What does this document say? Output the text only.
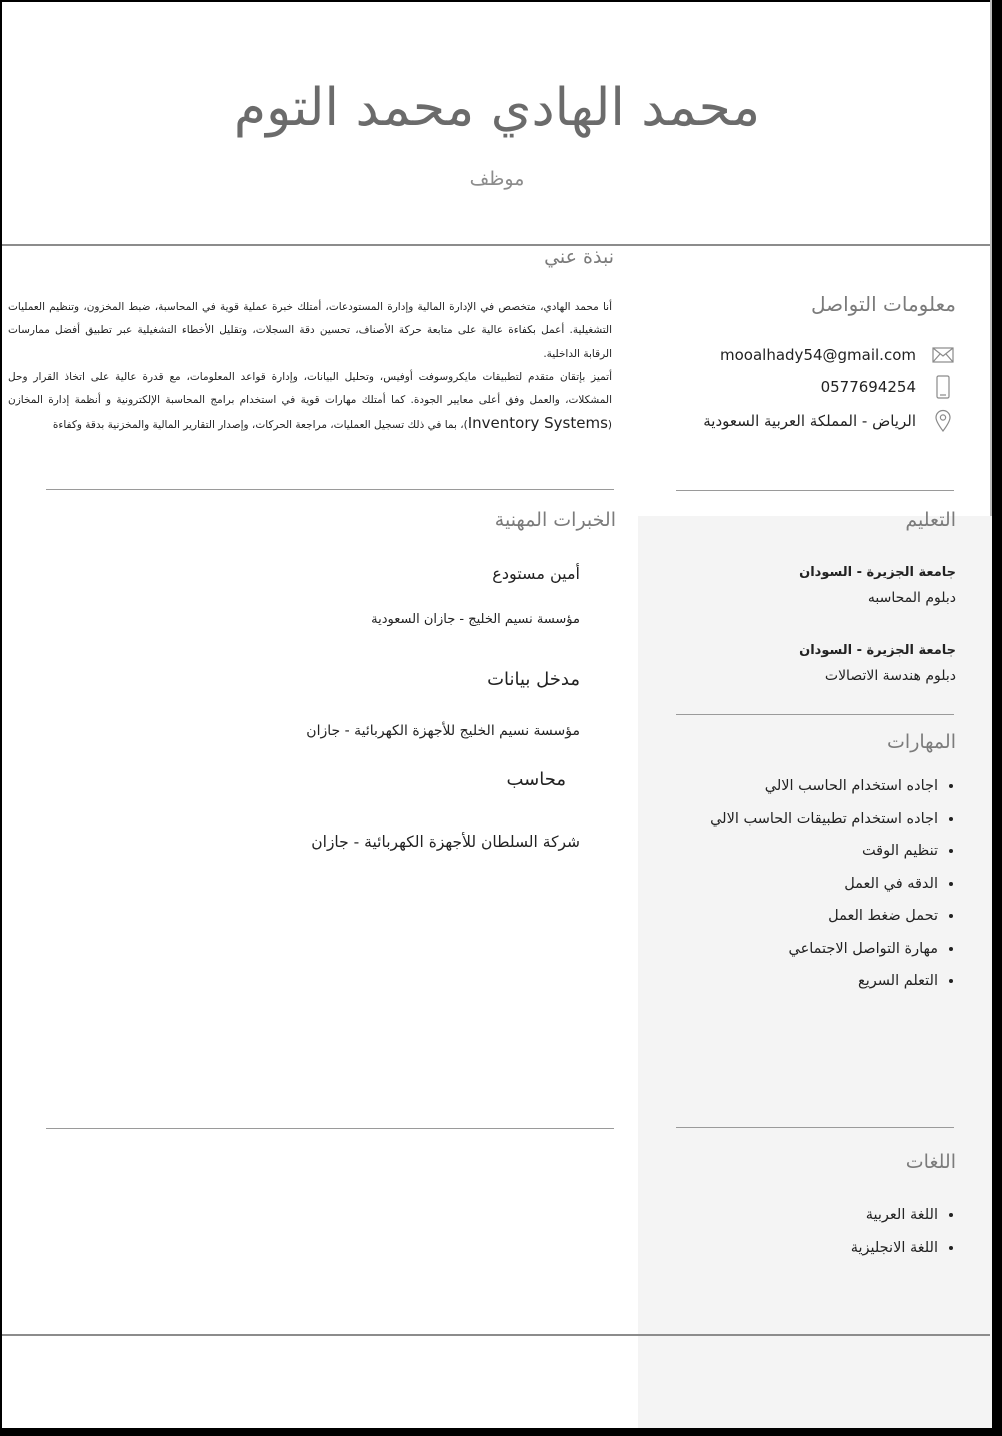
محمد الهادي محمد التوم
موظف
نبذة عني

أنا محمد الهادي، متخصص في الإدارة المالية وإدارة المستودعات، أمتلك خبرة عملية قوية في المحاسبة، ضبط المخزون، وتنظيم العمليات التشغيلية. أعمل بكفاءة عالية على متابعة حركة الأصناف، تحسين دقة السجلات، وتقليل الأخطاء التشغيلية عبر تطبيق أفضل ممارسات الرقابة الداخلية.

أتميز بإتقان متقدم لتطبيقات مايكروسوفت أوفيس، وتحليل البيانات، وإدارة قواعد المعلومات، مع قدرة عالية على اتخاذ القرار وحل المشكلات، والعمل وفق أعلى معايير الجودة. كما أمتلك مهارات قوية في استخدام برامج المحاسبة الإلكترونية و أنظمة إدارة المخازن (Inventory Systems)، بما في ذلك تسجيل العمليات، مراجعة الحركات، وإصدار التقارير المالية والمخزنية بدقة وكفاءة

معلومات التواصل
mooalhady54@gmail.com
0577694254
الرياض - المملكة العربية السعودية
التعليم
جامعة الجزيرة - السودان
دبلوم المحاسبه
جامعة الجزيرة - السودان
دبلوم هندسة الاتصالات
المهارات
• اجاده استخدام الحاسب الالي
• اجاده استخدام تطبيقات الحاسب الالي
• تنظيم الوقت
• الدقه في العمل
• تحمل ضغط العمل
• مهارة التواصل الاجتماعي
• التعلم السريع
الخبرات المهنية
أمين مستودع
مؤسسة نسيم الخليج - جازان السعودية
مدخل بيانات
مؤسسة نسيم الخليج للأجهزة الكهربائية - جازان
محاسب
شركة السلطان للأجهزة الكهربائية - جازان
اللغات
• اللغة العربية
• اللغة الانجليزية
